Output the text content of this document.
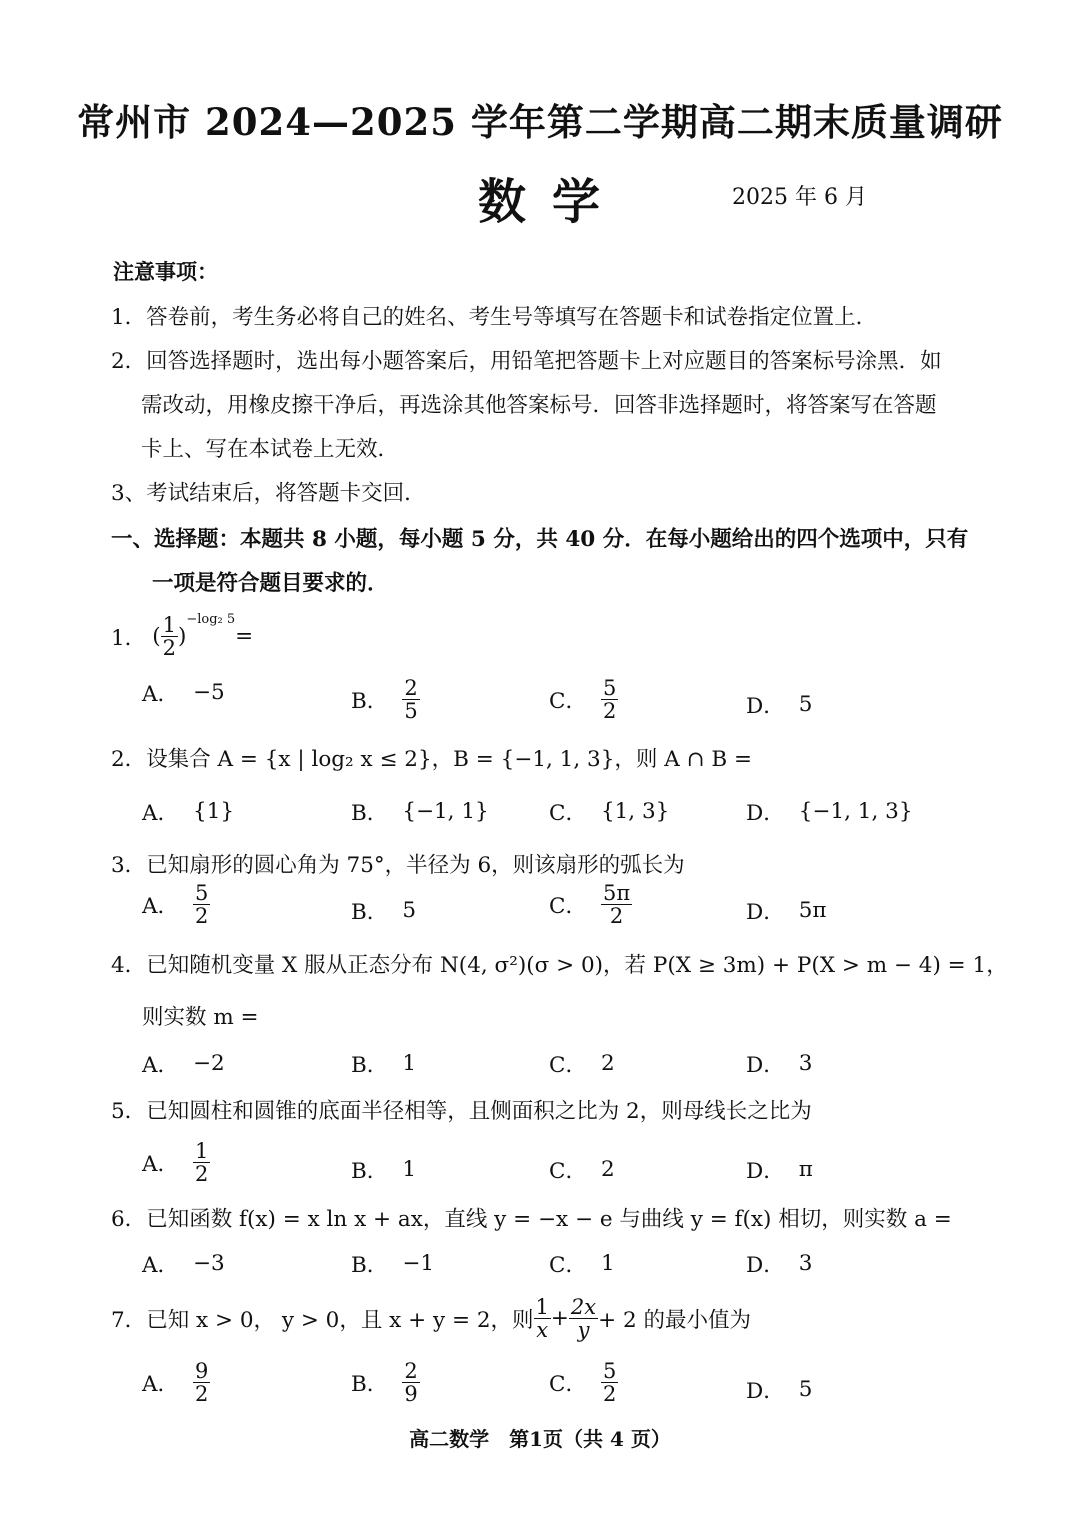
常州市 2024—2025 学年第二学期高二期末质量调研
数学	2025 年 6 月
注意事项：
1．答卷前，考生务必将自己的姓名、考生号等填写在答题卡和试卷指定位置上．
2．回答选择题时，选出每小题答案后，用铅笔把答题卡上对应题目的答案标号涂黑．如
需改动，用橡皮擦干净后，再选涂其他答案标号．回答非选择题时，将答案写在答题
卡上、写在本试卷上无效．
3、考试结束后，将答题卡交回．
一、选择题：本题共 8 小题，每小题 5 分，共 40 分．在每小题给出的四个选项中，只有
一项是符合题目要求的．
1． ( $\frac{1}{2}$ )
−log₂ 5
=
A． −5	B． $\frac{2}{5}$	C． $\frac{5}{2}$	D． 5
2．设集合 A = {x | log₂ x ≤ 2}，B = {−1, 1, 3}，则 A ∩ B =
A． {1}	B． {−1, 1}	C． {1, 3}	D． {−1, 1, 3}
3．已知扇形的圆心角为 75°，半径为 6，则该扇形的弧长为
A． $\frac{5}{2}$	B． 5	C． $\frac{5\pi}{2}$	D． 5π
4．已知随机变量 X 服从正态分布 N(4, σ²)(σ > 0)，若 P(X ≥ 3m) + P(X > m − 4) = 1，
则实数 m =
A． −2	B． 1	C． 2	D． 3
5．已知圆柱和圆锥的底面半径相等，且侧面积之比为 2，则母线长之比为
A． $\frac{1}{2}$	B． 1	C． 2	D． π
6．已知函数 f(x) = x ln x + ax，直线 y = −x − e 与曲线 y = f(x) 相切，则实数 a =
A． −3	B． −1	C． 1	D． 3
7． 已知 x > 0， y > 0，且 x + y = 2，则 $\frac{1}{x} + \frac{2x}{y} + 2$ 的最小值为
A． $\frac{9}{2}$	B． $\frac{2}{9}$	C． $\frac{5}{2}$	D． 5
高二数学　第1页（共 4 页）
